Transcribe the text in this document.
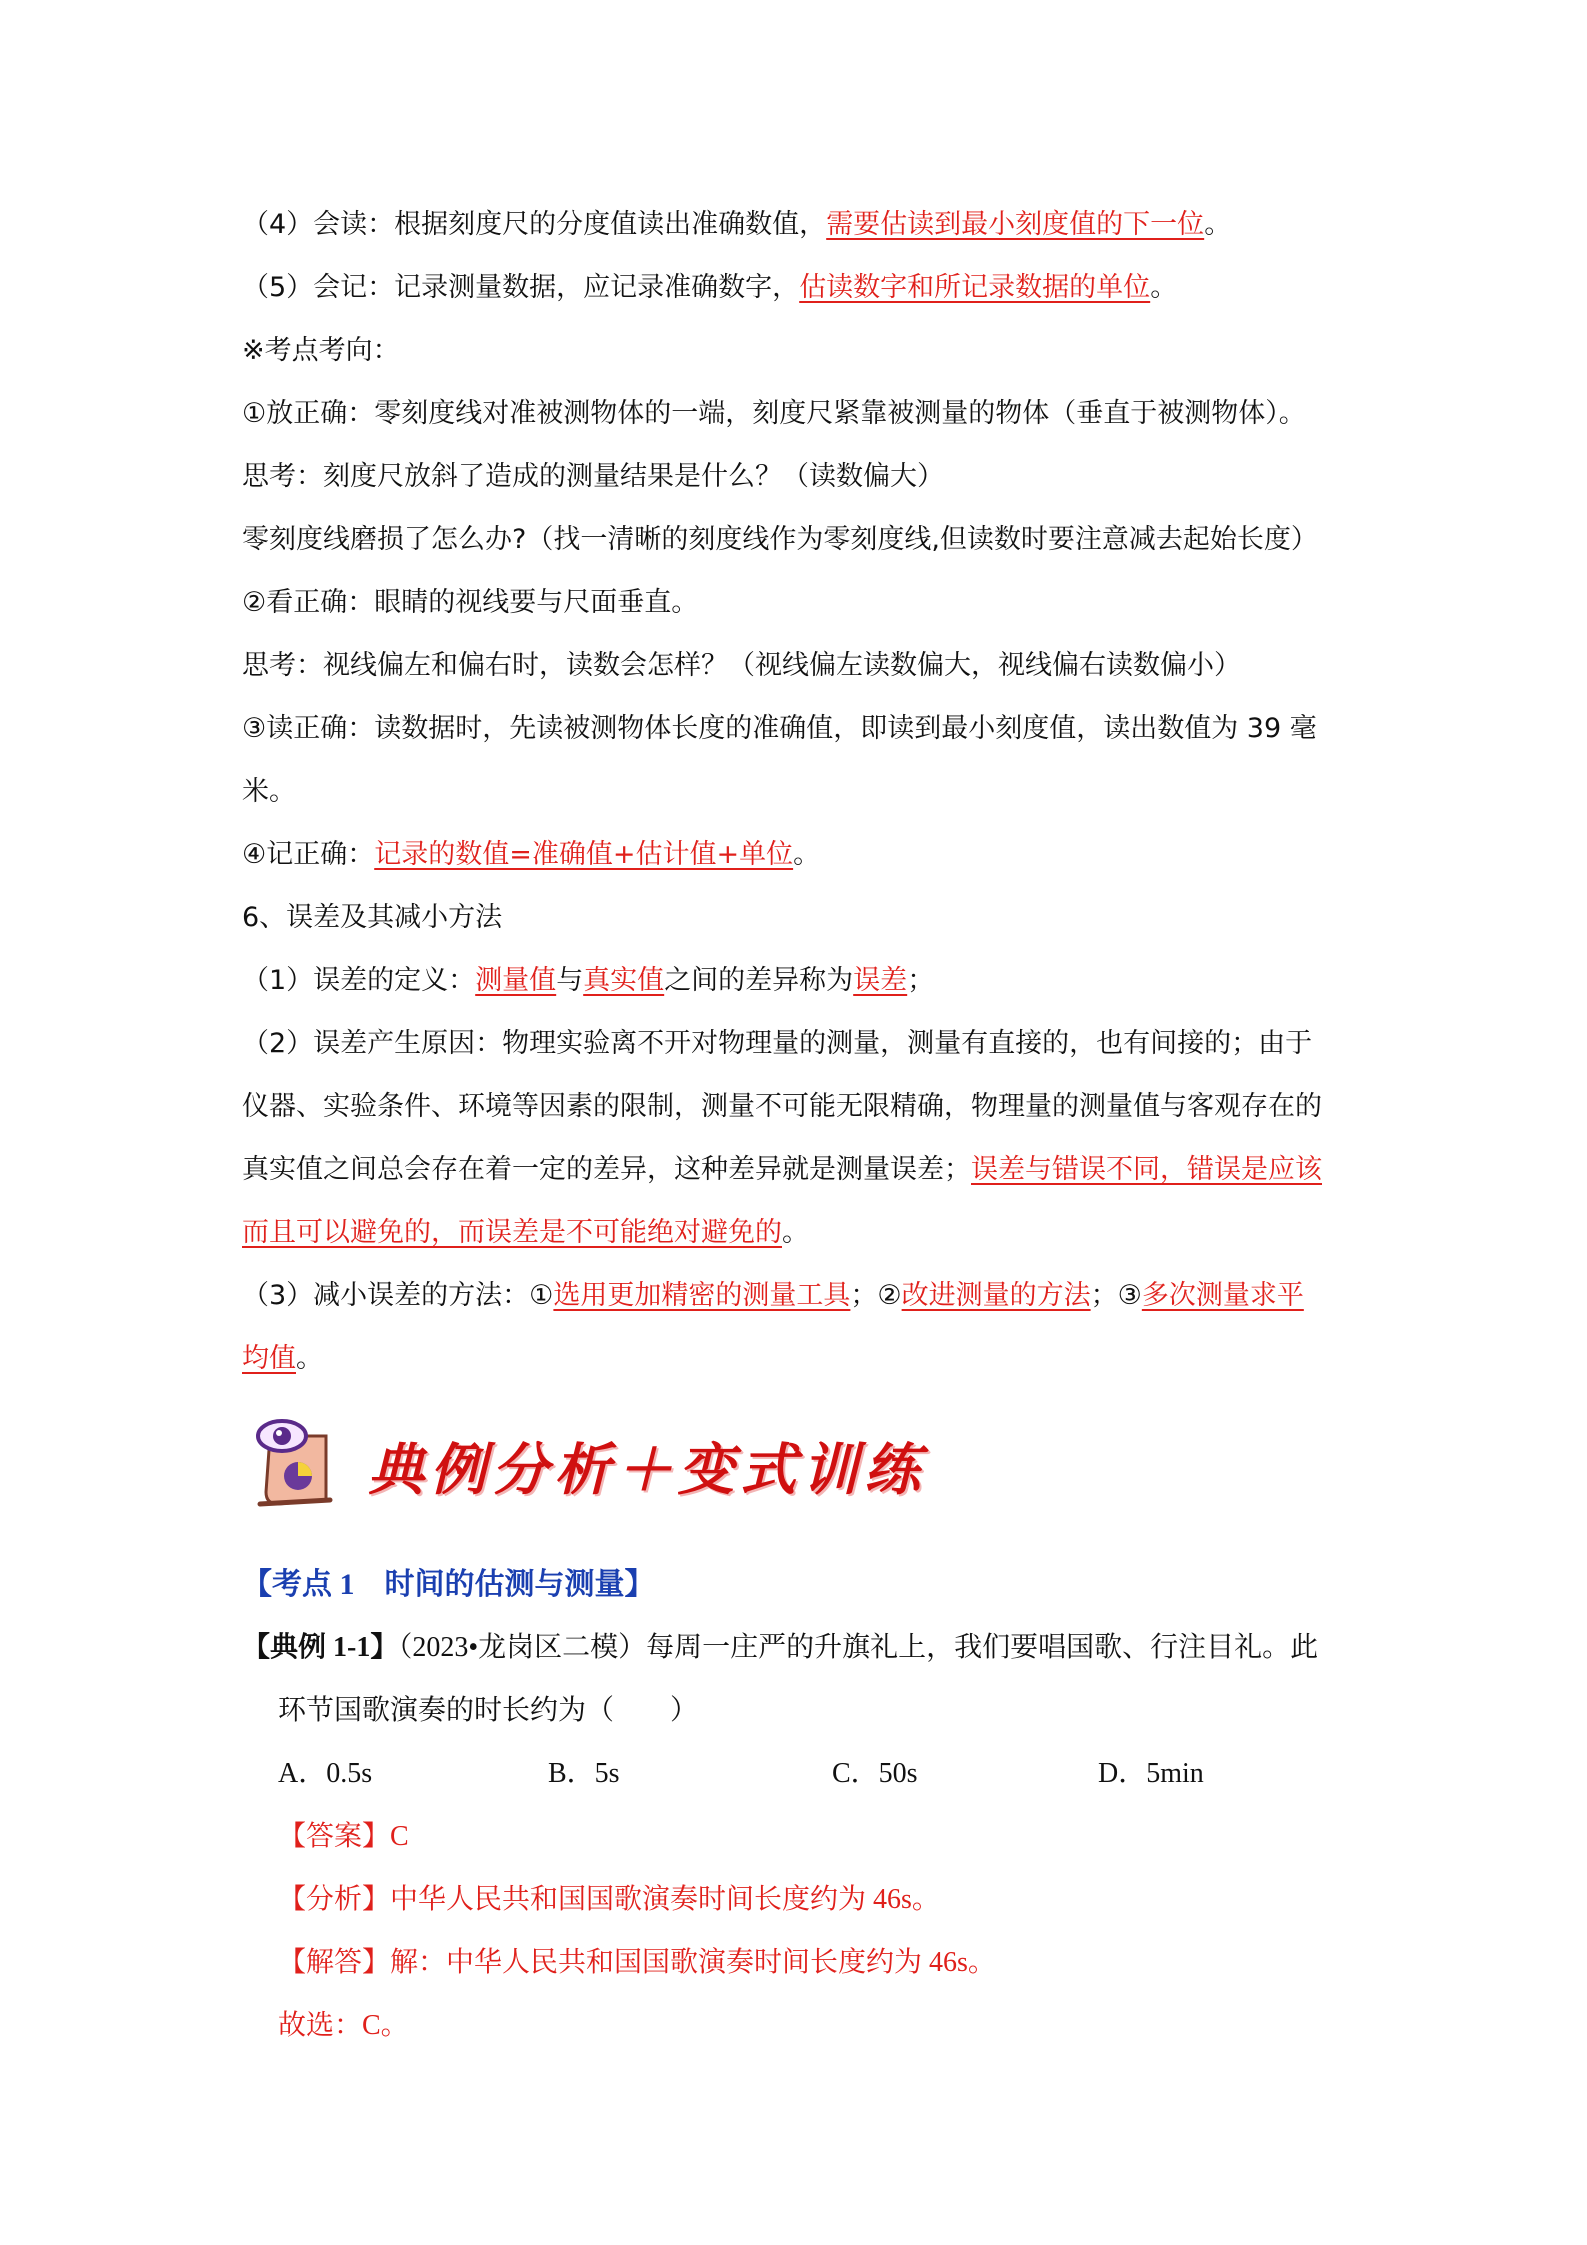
（4）会读：根据刻度尺的分度值读出准确数值，需要估读到最小刻度值的下一位。
（5）会记：记录测量数据，应记录准确数字，估读数字和所记录数据的单位。
※考点考向：
①放正确：零刻度线对准被测物体的一端，刻度尺紧靠被测量的物体（垂直于被测物体）。
思考：刻度尺放斜了造成的测量结果是什么？（读数偏大）
零刻度线磨损了怎么办?（找一清晰的刻度线作为零刻度线,但读数时要注意减去起始长度）
②看正确：眼睛的视线要与尺面垂直。
思考：视线偏左和偏右时，读数会怎样？（视线偏左读数偏大，视线偏右读数偏小）
③读正确：读数据时，先读被测物体长度的准确值，即读到最小刻度值，读出数值为 39 毫
米。
④记正确：记录的数值=准确值+估计值+单位。
6、误差及其减小方法
（1）误差的定义：测量值与真实值之间的差异称为误差；
（2）误差产生原因：物理实验离不开对物理量的测量，测量有直接的，也有间接的；由于
仪器、实验条件、环境等因素的限制，测量不可能无限精确，物理量的测量值与客观存在的
真实值之间总会存在着一定的差异，这种差异就是测量误差；误差与错误不同，错误是应该
而且可以避免的，而误差是不可能绝对避免的。
（3）减小误差的方法：①选用更加精密的测量工具；②改进测量的方法；③多次测量求平
均值。
典例分析＋变式训练
【考点 1　时间的估测与测量】
【典例 1-1】（2023•龙岗区二模）每周一庄严的升旗礼上，我们要唱国歌、行注目礼。此
环节国歌演奏的时长约为（　　）
A．0.5s	B．5s	C．50s	D．5min
【答案】C
【分析】中华人民共和国国歌演奏时间长度约为 46s。
【解答】解：中华人民共和国国歌演奏时间长度约为 46s。
故选：C。
